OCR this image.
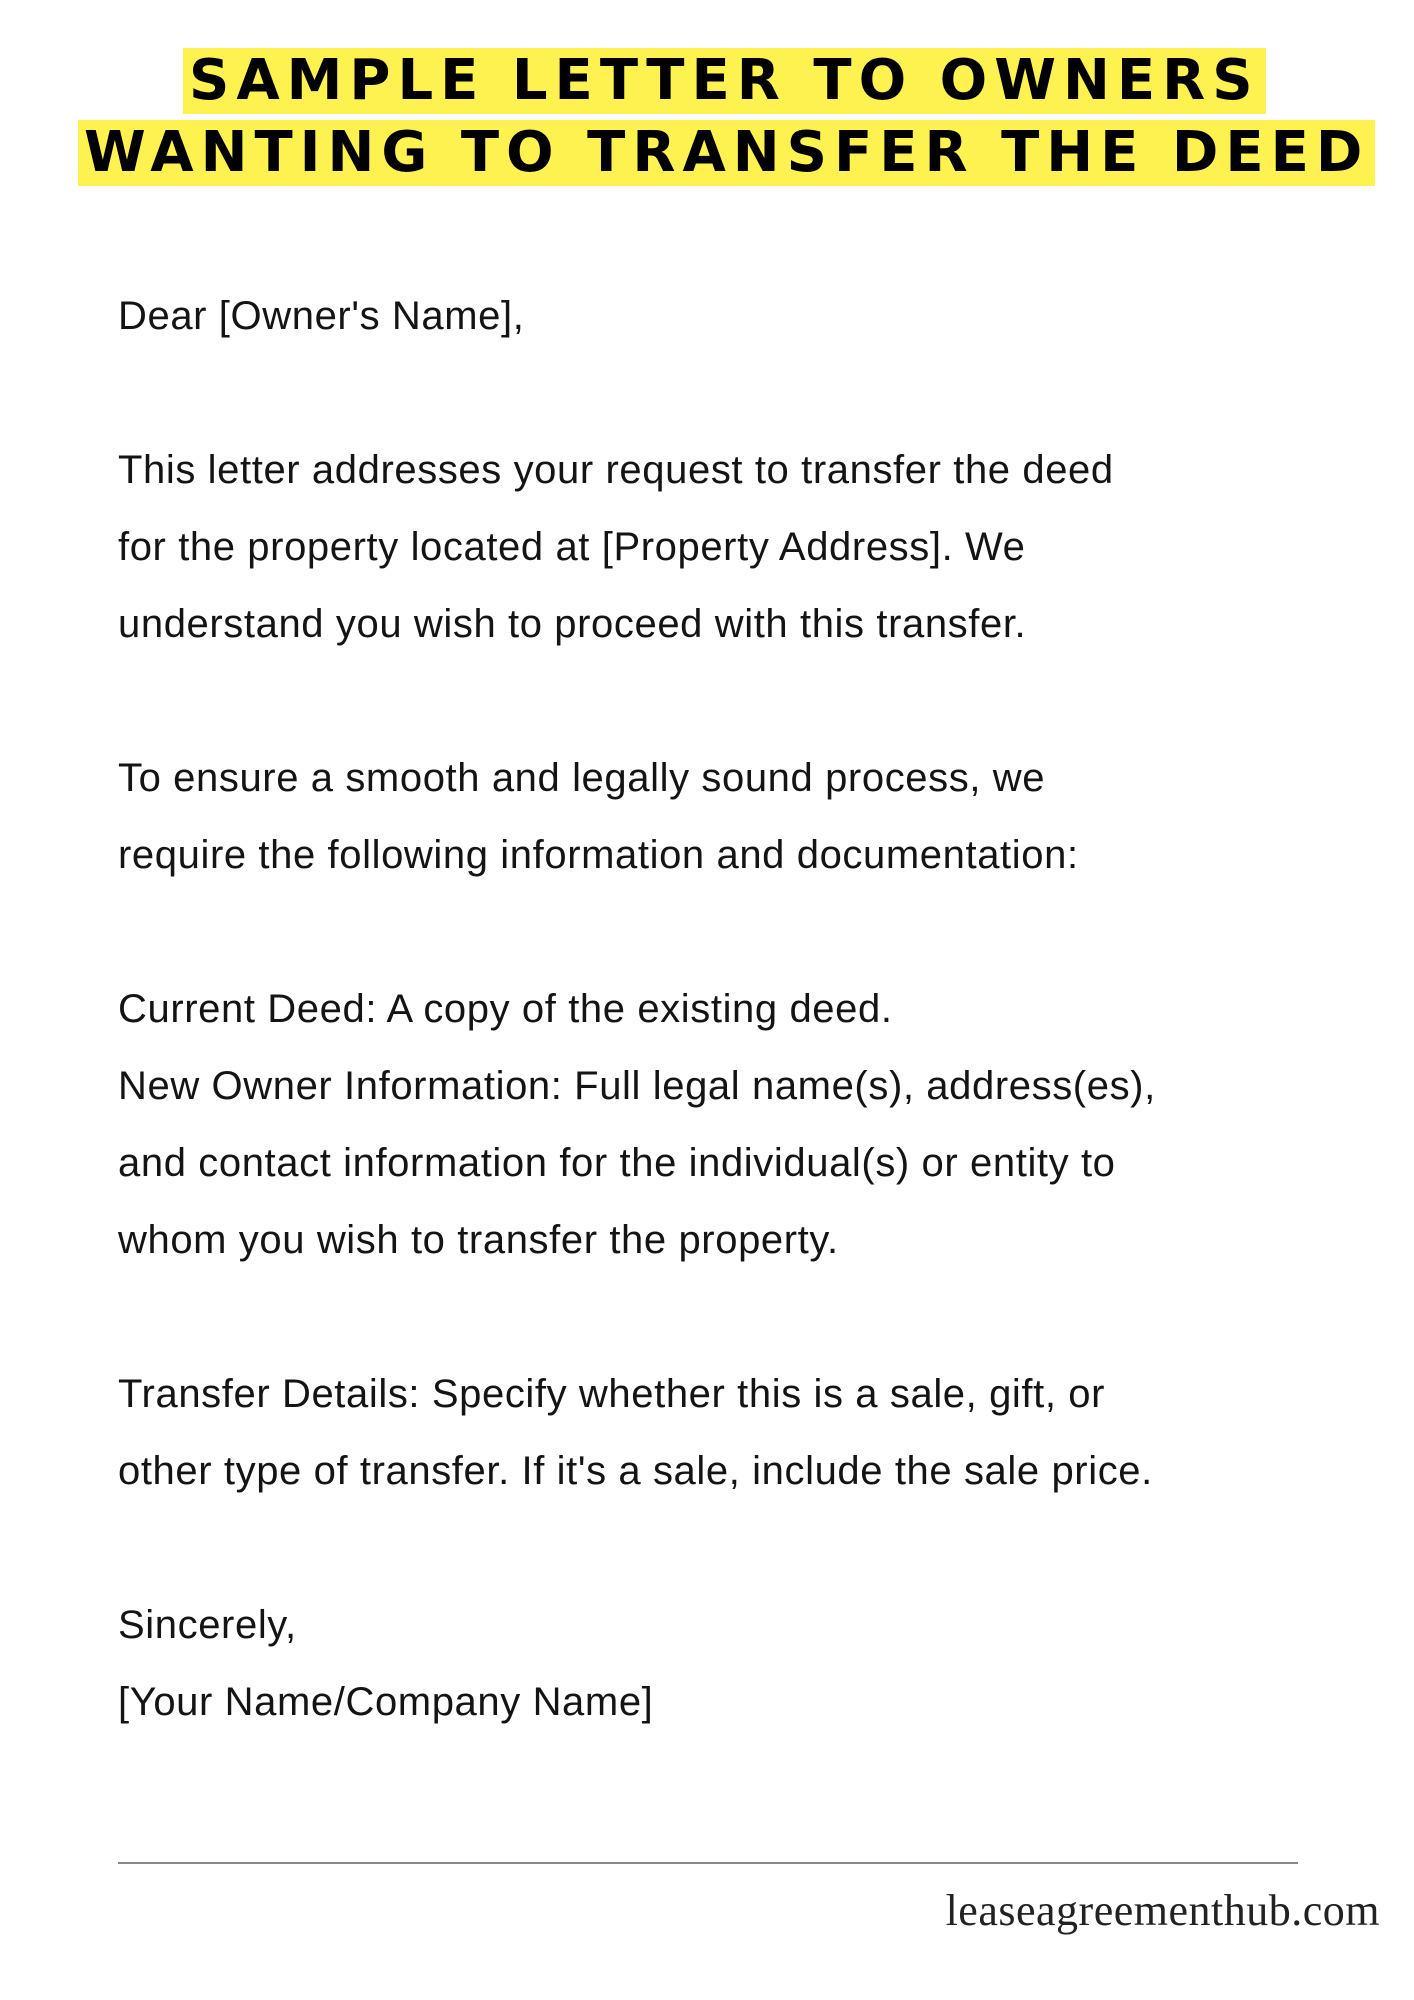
SAMPLE LETTER TO OWNERS
WANTING TO TRANSFER THE DEED

Dear [Owner's Name],

This letter addresses your request to transfer the deed

for the property located at [Property Address]. We

understand you wish to proceed with this transfer.

To ensure a smooth and legally sound process, we

require the following information and documentation:

Current Deed: A copy of the existing deed.

New Owner Information: Full legal name(s), address(es),

and contact information for the individual(s) or entity to

whom you wish to transfer the property.

Transfer Details: Specify whether this is a sale, gift, or

other type of transfer. If it's a sale, include the sale price.

Sincerely,

[Your Name/Company Name]

leaseagreementhub.com
